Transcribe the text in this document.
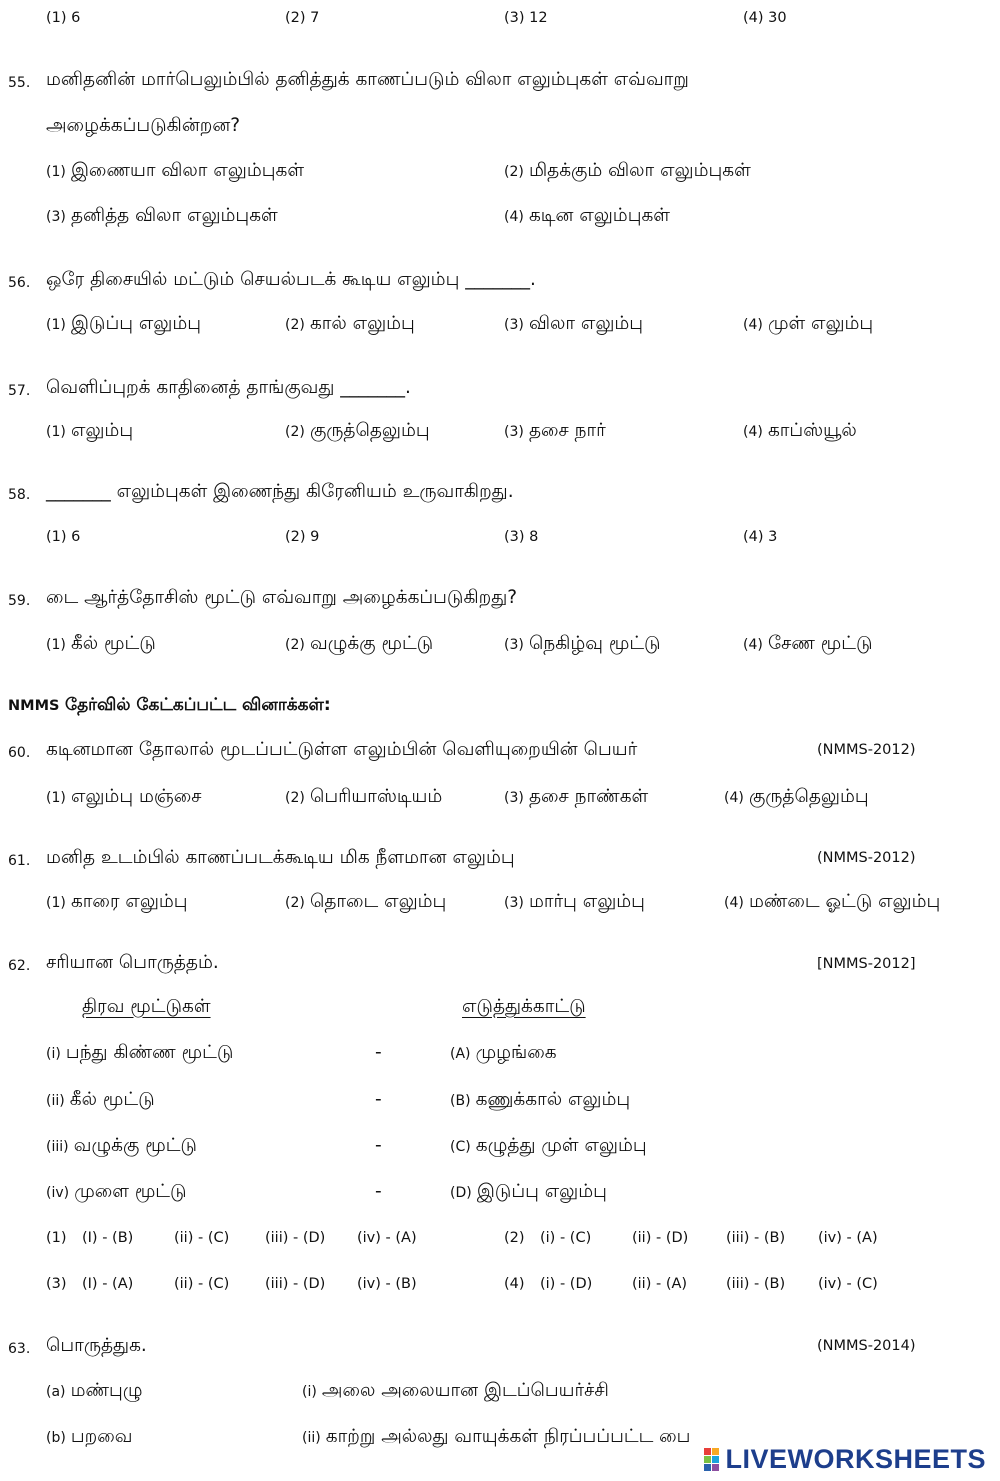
(1) 6	(2) 7	(3) 12	(4) 30
55. மனிதனின் மார்பெலும்பில் தனித்துக் காணப்படும் விலா எலும்புகள் எவ்வாறு
அழைக்கப்படுகின்றன?
(1) இணையா விலா எலும்புகள்	(2) மிதக்கும் விலா எலும்புகள்
(3) தனித்த விலா எலும்புகள்	(4) கடின எலும்புகள்
56. ஒரே திசையில் மட்டும் செயல்படக் கூடிய எலும்பு _______.
(1) இடுப்பு எலும்பு	(2) கால் எலும்பு	(3) விலா எலும்பு	(4) முள் எலும்பு
57. வெளிப்புறக் காதினைத் தாங்குவது _______.
(1) எலும்பு	(2) குருத்தெலும்பு	(3) தசை நார்	(4) காப்ஸ்யூல்
58. _______ எலும்புகள் இணைந்து கிரேனியம் உருவாகிறது.
(1) 6	(2) 9	(3) 8	(4) 3
59. டை ஆர்த்தோசிஸ் மூட்டு எவ்வாறு அழைக்கப்படுகிறது?
(1) கீல் மூட்டு	(2) வழுக்கு மூட்டு	(3) நெகிழ்வு மூட்டு	(4) சேண மூட்டு
NMMS தேர்வில் கேட்கப்பட்ட வினாக்கள்:
60. கடினமான தோலால் மூடப்பட்டுள்ள எலும்பின் வெளியுறையின் பெயர்	(NMMS-2012)
(1) எலும்பு மஞ்சை	(2) பெரியாஸ்டியம்	(3) தசை நாண்கள்	(4) குருத்தெலும்பு
61. மனித உடம்பில் காணப்படக்கூடிய மிக நீளமான எலும்பு	(NMMS-2012)
(1) காரை எலும்பு	(2) தொடை எலும்பு	(3) மார்பு எலும்பு	(4) மண்டை ஓட்டு எலும்பு
62. சரியான பொருத்தம்.	[NMMS-2012]
திரவ மூட்டுகள்	எடுத்துக்காட்டு
(i) பந்து கிண்ண மூட்டு	-	(A) முழங்கை
(ii) கீல் மூட்டு	-	(B) கணுக்கால் எலும்பு
(iii) வழுக்கு மூட்டு	-	(C) கழுத்து முள் எலும்பு
(iv) முளை மூட்டு	-	(D) இடுப்பு எலும்பு
(1) (I) - (B)	(ii) - (C) (iii) - (D) (iv) - (A)	(2) (i) - (C)	(ii) - (D)	(iii) - (B) (iv) - (A)
(3) (I) - (A)	(ii) - (C) (iii) - (D) (iv) - (B)	(4) (i) - (D)	(ii) - (A)	(iii) - (B) (iv) - (C)
63. பொருத்துக.	(NMMS-2014)
(a) மண்புழு	(i) அலை அலையான இடப்பெயர்ச்சி
(b) பறவை	(ii) காற்று அல்லது வாயுக்கள் நிரப்பப்பட்ட பை
LIVEWORKSHEETS
